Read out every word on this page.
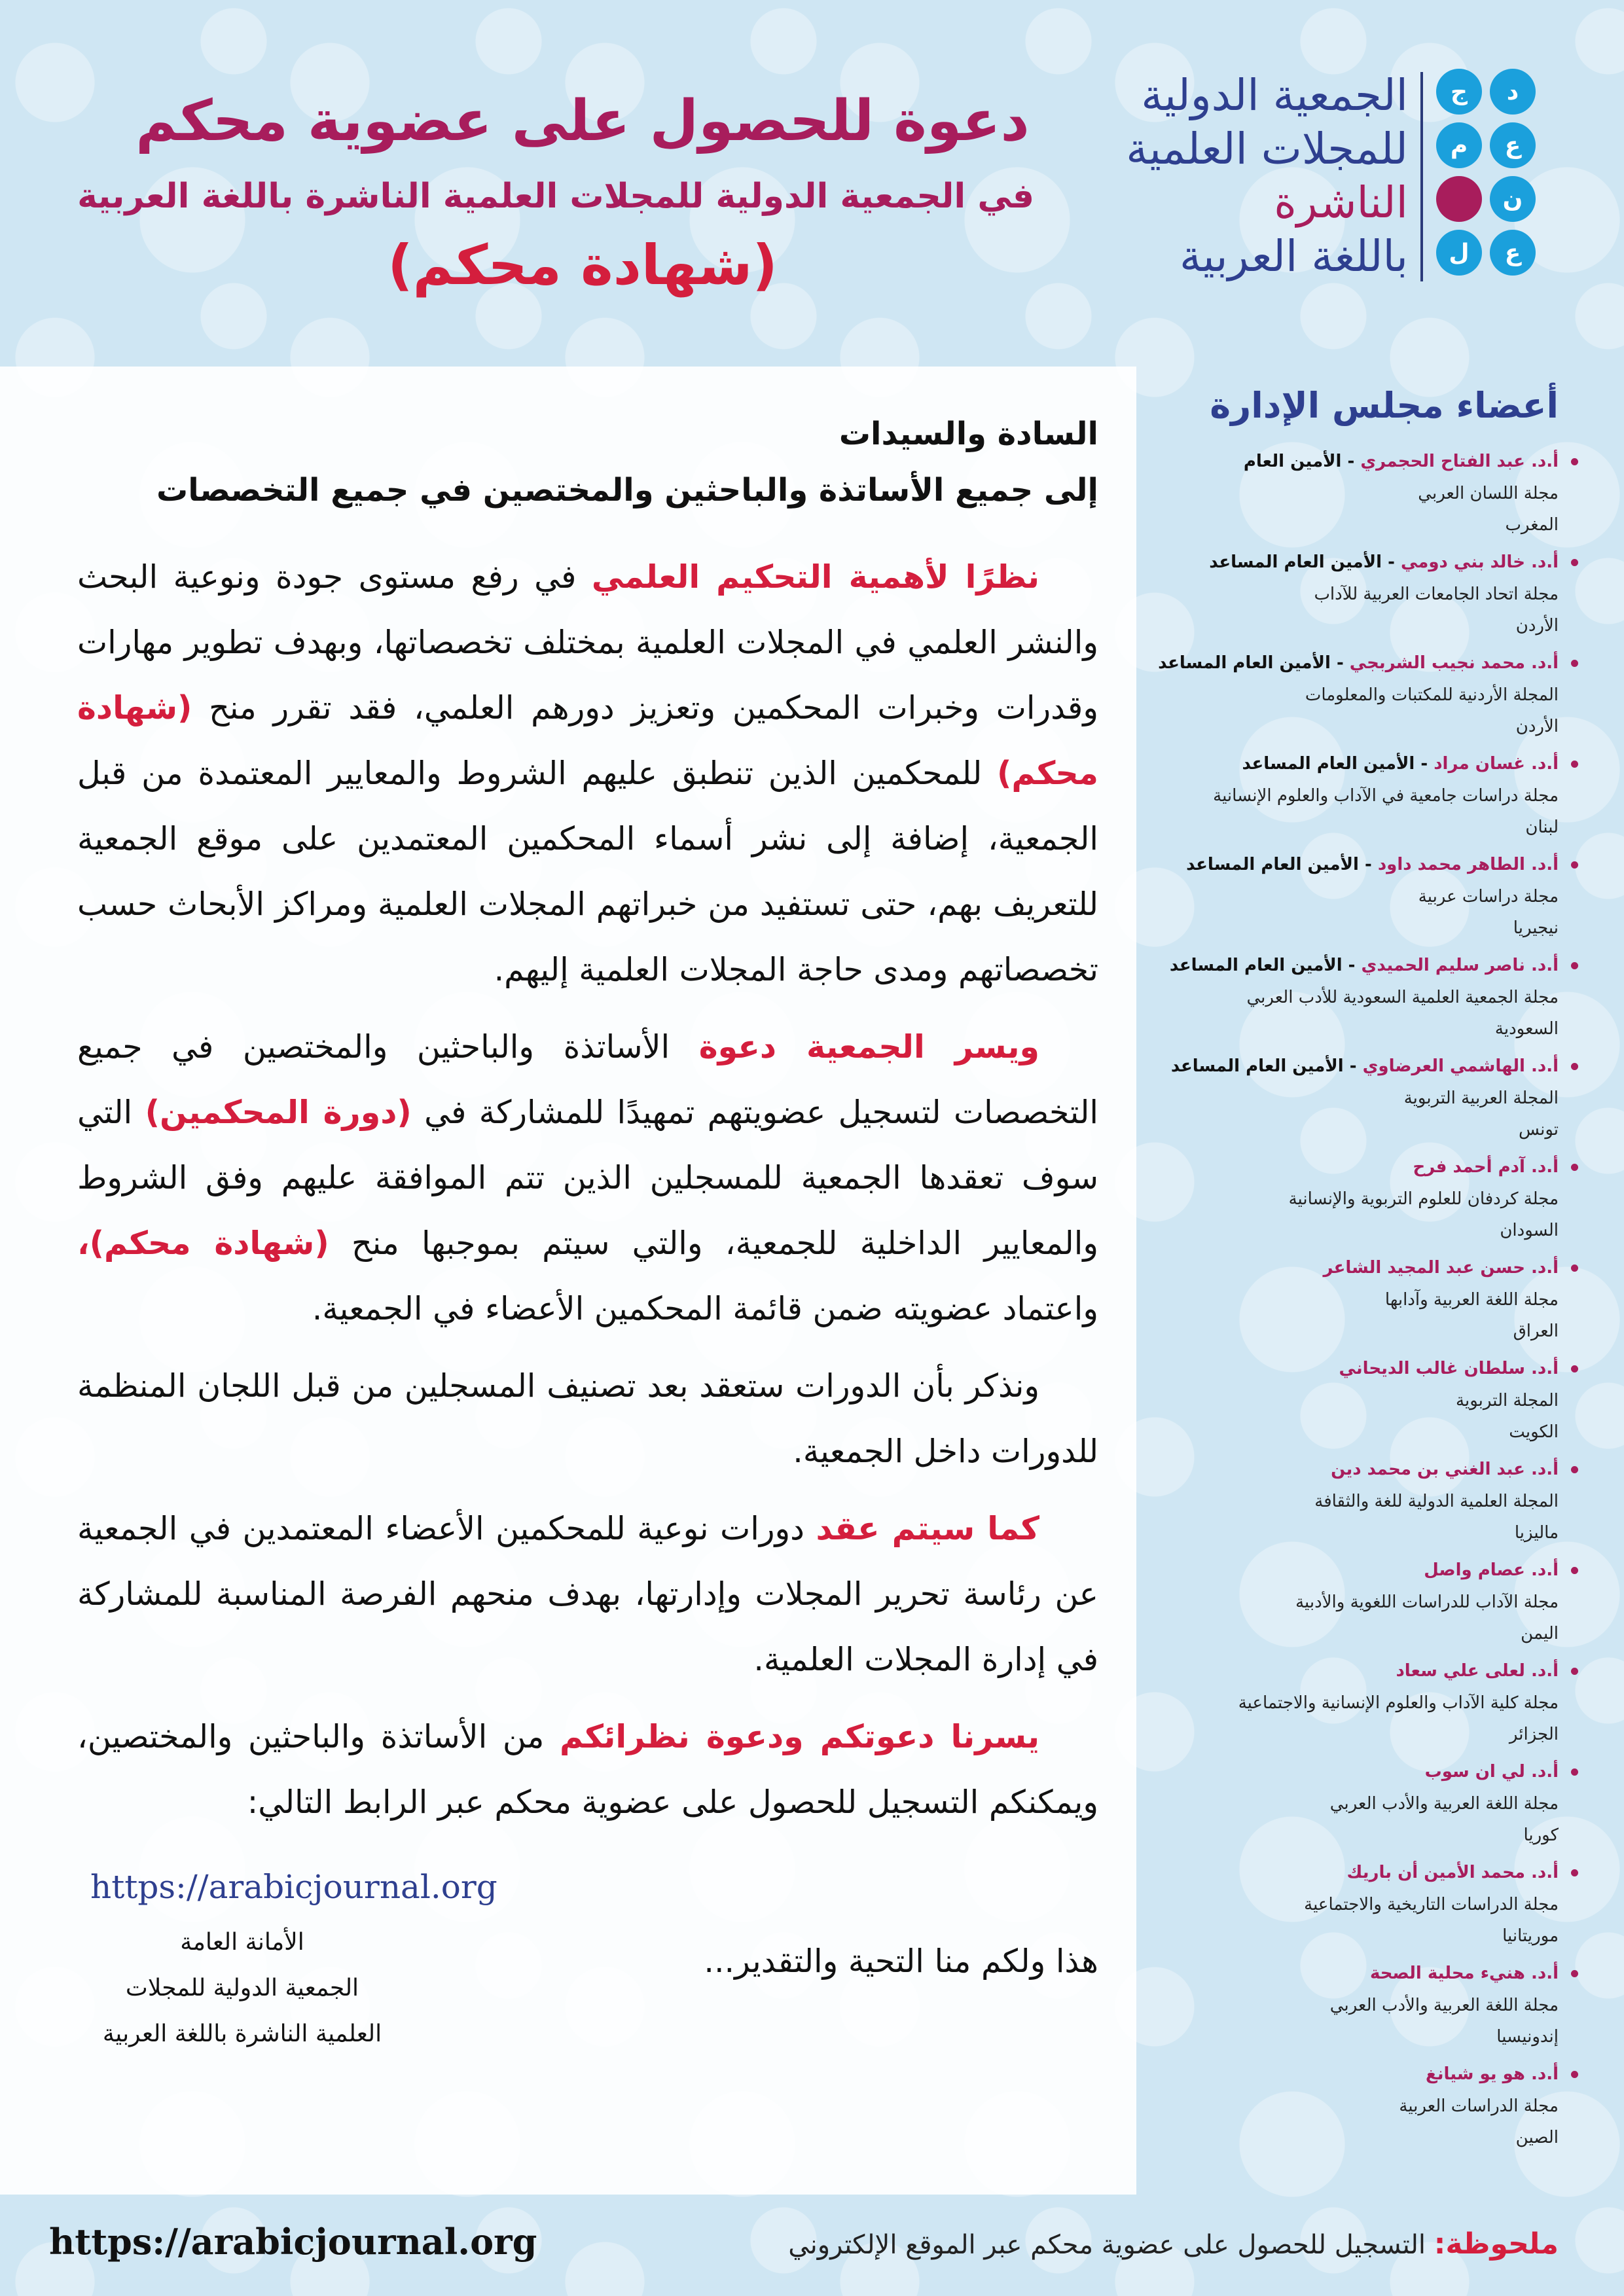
د
ع
ن
ع
ج
م
ل
الجمعية الدولية
للمجلات العلمية
الناشرة
باللغة العربية
دعوة للحصول على عضوية محكم
في الجمعية الدولية للمجلات العلمية الناشرة باللغة العربية
(شهادة محكم)
السادة والسيدات
إلى جميع الأساتذة والباحثين والمختصين في جميع التخصصات

نظرًا لأهمية التحكيم العلمي في رفع مستوى جودة ونوعية البحث والنشر العلمي في المجلات العلمية بمختلف تخصصاتها، وبهدف تطوير مهارات وقدرات وخبرات المحكمين وتعزيز دورهم العلمي، فقد تقرر منح (شهادة محكم) للمحكمين الذين تنطبق عليهم الشروط والمعايير المعتمدة من قبل الجمعية، إضافة إلى نشر أسماء المحكمين المعتمدين على موقع الجمعية للتعريف بهم، حتى تستفيد من خبراتهم المجلات العلمية ومراكز الأبحاث حسب تخصصاتهم ومدى حاجة المجلات العلمية إليهم.

ويسر الجمعية دعوة الأساتذة والباحثين والمختصين في جميع التخصصات لتسجيل عضويتهم تمهيدًا للمشاركة في (دورة المحكمين) التي سوف تعقدها الجمعية للمسجلين الذين تتم الموافقة عليهم وفق الشروط والمعايير الداخلية للجمعية، والتي سيتم بموجبها منح (شهادة محكم)، واعتماد عضويته ضمن قائمة المحكمين الأعضاء في الجمعية.

ونذكر بأن الدورات ستعقد بعد تصنيف المسجلين من قبل اللجان المنظمة للدورات داخل الجمعية.

كما سيتم عقد دورات نوعية للمحكمين الأعضاء المعتمدين في الجمعية عن رئاسة تحرير المجلات وإدارتها، بهدف منحهم الفرصة المناسبة للمشاركة في إدارة المجلات العلمية.

يسرنا دعوتكم ودعوة نظرائكم من الأساتذة والباحثين والمختصين، ويمكنكم التسجيل للحصول على عضوية محكم عبر الرابط التالي:

https://arabicjournal.org
هذا ولكم منا التحية والتقدير...
الأمانة العامة
الجمعية الدولية للمجلات
العلمية الناشرة باللغة العربية
أعضاء مجلس الإدارة
أ.د. عبد الفتاح الحجمري - الأمين العام
مجلة اللسان العربي
المغرب
أ.د. خالد بني دومي - الأمين العام المساعد
مجلة اتحاد الجامعات العربية للآداب
الأردن
أ.د. محمد نجيب الشربجي - الأمين العام المساعد
المجلة الأردنية للمكتبات والمعلومات
الأردن
أ.د. غسان مراد - الأمين العام المساعد
مجلة دراسات جامعية في الآداب والعلوم الإنسانية
لبنان
أ.د. الطاهر محمد داود - الأمين العام المساعد
مجلة دراسات عربية
نيجيريا
أ.د. ناصر سليم الحميدي - الأمين العام المساعد
مجلة الجمعية العلمية السعودية للأدب العربي
السعودية
أ.د. الهاشمي العرضاوي - الأمين العام المساعد
المجلة العربية التربوية
تونس
أ.د. آدم أحمد فرح
مجلة كردفان للعلوم التربوية والإنسانية
السودان
أ.د. حسن عبد المجيد الشاعر
مجلة اللغة العربية وآدابها
العراق
أ.د. سلطان غالب الديحاني
المجلة التربوية
الكويت
أ.د. عبد الغني بن محمد دين
المجلة العلمية الدولية للغة والثقافة
ماليزيا
أ.د. عصام واصل
مجلة الآداب للدراسات اللغوية والأدبية
اليمن
أ.د. لعلى علي سعاد
مجلة كلية الآداب والعلوم الإنسانية والاجتماعية
الجزائر
أ.د. لي ان سوب
مجلة اللغة العربية والأدب العربي
كوريا
أ.د. محمد الأمين أن باريك
مجلة الدراسات التاريخية والاجتماعية
موريتانيا
أ.د. هنيء محلية الصحة
مجلة اللغة العربية والأدب العربي
إندونيسيا
أ.د. هو يو شيانغ
مجلة الدراسات العربية
الصين
ملحوظة: التسجيل للحصول على عضوية محكم عبر الموقع الإلكتروني
https://arabicjournal.org
